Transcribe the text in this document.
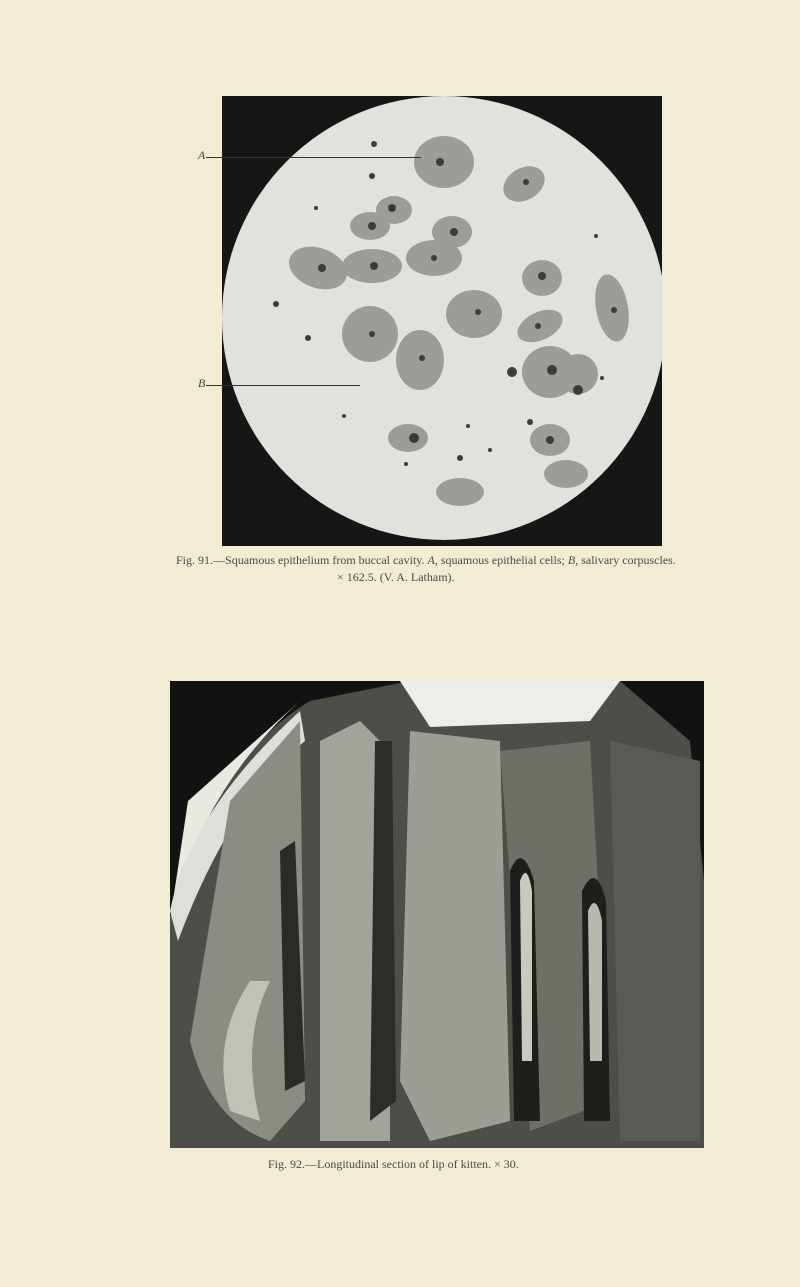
A
B
Fig. 91.—Squamous epithelium from buccal cavity. A, squamous epithelial cells; B, salivary corpuscles.
× 162.5. (V. A. Latham).
Fig. 92.—Longitudinal section of lip of kitten. × 30.
